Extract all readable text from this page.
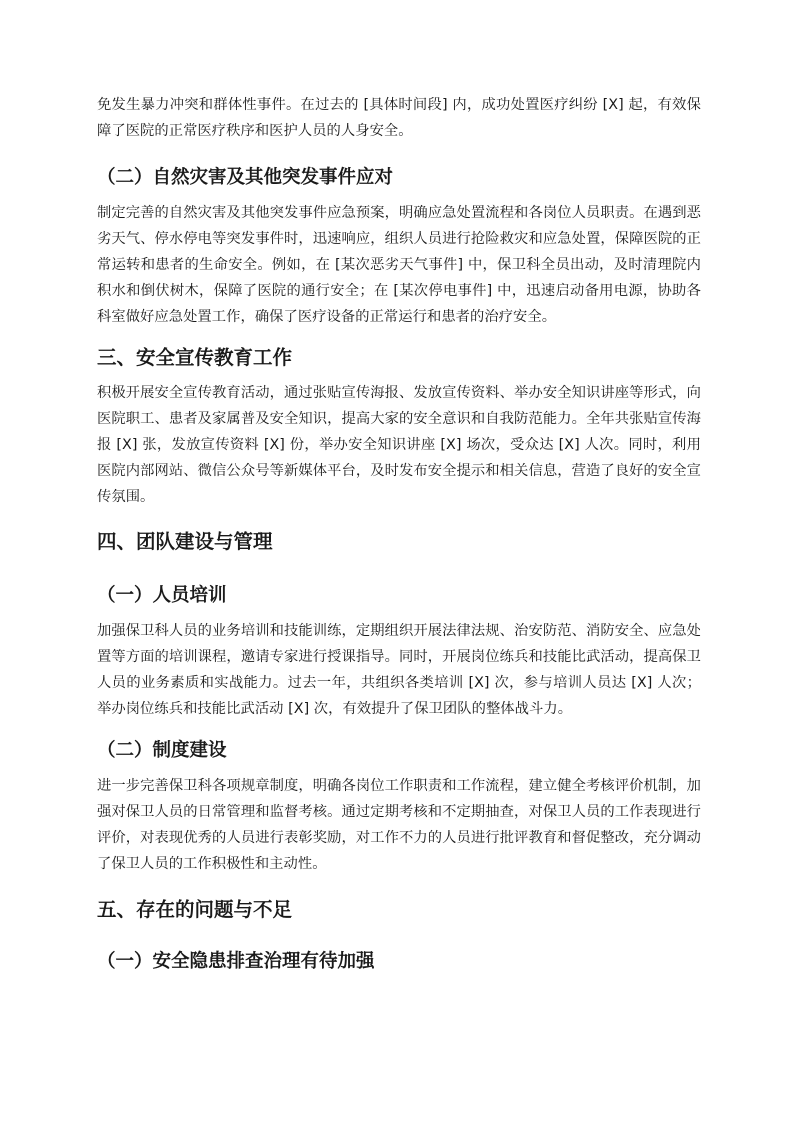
免发生暴力冲突和群体性事件。在过去的 [具体时间段] 内，成功处置医疗纠纷 [X] 起，有效保障了医院的正常医疗秩序和医护人员的人身安全。

（二）自然灾害及其他突发事件应对

制定完善的自然灾害及其他突发事件应急预案，明确应急处置流程和各岗位人员职责。在遇到恶劣天气、停水停电等突发事件时，迅速响应，组织人员进行抢险救灾和应急处置，保障医院的正常运转和患者的生命安全。例如，在 [某次恶劣天气事件] 中，保卫科全员出动，及时清理院内积水和倒伏树木，保障了医院的通行安全；在 [某次停电事件] 中，迅速启动备用电源，协助各科室做好应急处置工作，确保了医疗设备的正常运行和患者的治疗安全。

三、安全宣传教育工作

积极开展安全宣传教育活动，通过张贴宣传海报、发放宣传资料、举办安全知识讲座等形式，向医院职工、患者及家属普及安全知识，提高大家的安全意识和自我防范能力。全年共张贴宣传海报 [X] 张，发放宣传资料 [X] 份，举办安全知识讲座 [X] 场次，受众达 [X] 人次。同时，利用医院内部网站、微信公众号等新媒体平台，及时发布安全提示和相关信息，营造了良好的安全宣传氛围。

四、团队建设与管理
（一）人员培训

加强保卫科人员的业务培训和技能训练，定期组织开展法律法规、治安防范、消防安全、应急处置等方面的培训课程，邀请专家进行授课指导。同时，开展岗位练兵和技能比武活动，提高保卫人员的业务素质和实战能力。过去一年，共组织各类培训 [X] 次，参与培训人员达 [X] 人次；举办岗位练兵和技能比武活动 [X] 次，有效提升了保卫团队的整体战斗力。

（二）制度建设

进一步完善保卫科各项规章制度，明确各岗位工作职责和工作流程，建立健全考核评价机制，加强对保卫人员的日常管理和监督考核。通过定期考核和不定期抽查，对保卫人员的工作表现进行评价，对表现优秀的人员进行表彰奖励，对工作不力的人员进行批评教育和督促整改，充分调动了保卫人员的工作积极性和主动性。

五、存在的问题与不足
（一）安全隐患排查治理有待加强
